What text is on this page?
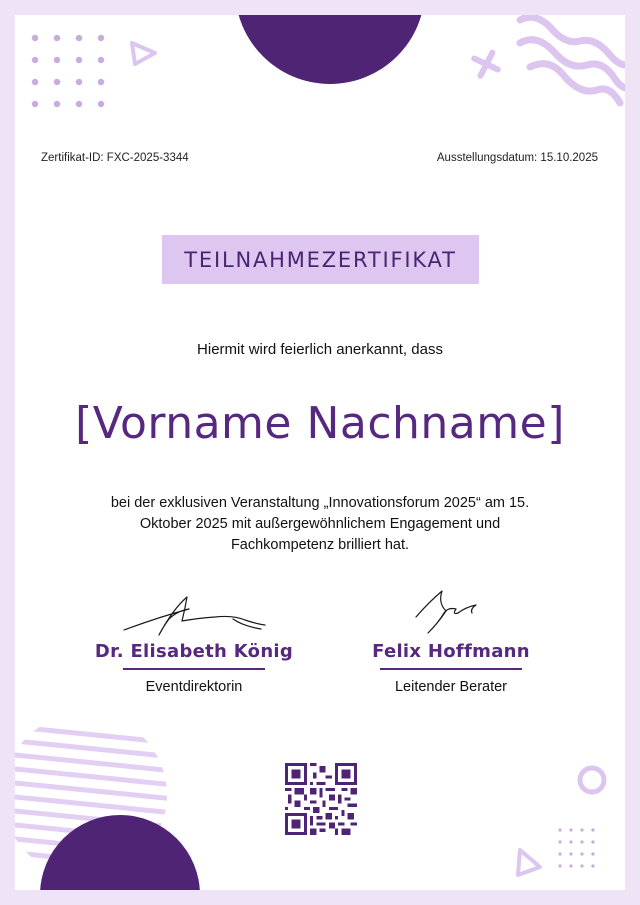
Zertifikat-ID: FXC-2025-3344	Ausstellungsdatum: 15.10.2025
TEILNAHMEZERTIFIKAT
Hiermit wird feierlich anerkannt, dass
[Vorname Nachname]
bei der exklusiven Veranstaltung „Innovationsforum 2025“ am 15. Oktober 2025 mit außergewöhnlichem Engagement und Fachkompetenz brilliert hat.
Dr. Elisabeth König
Eventdirektorin
Felix Hoffmann
Leitender Berater
